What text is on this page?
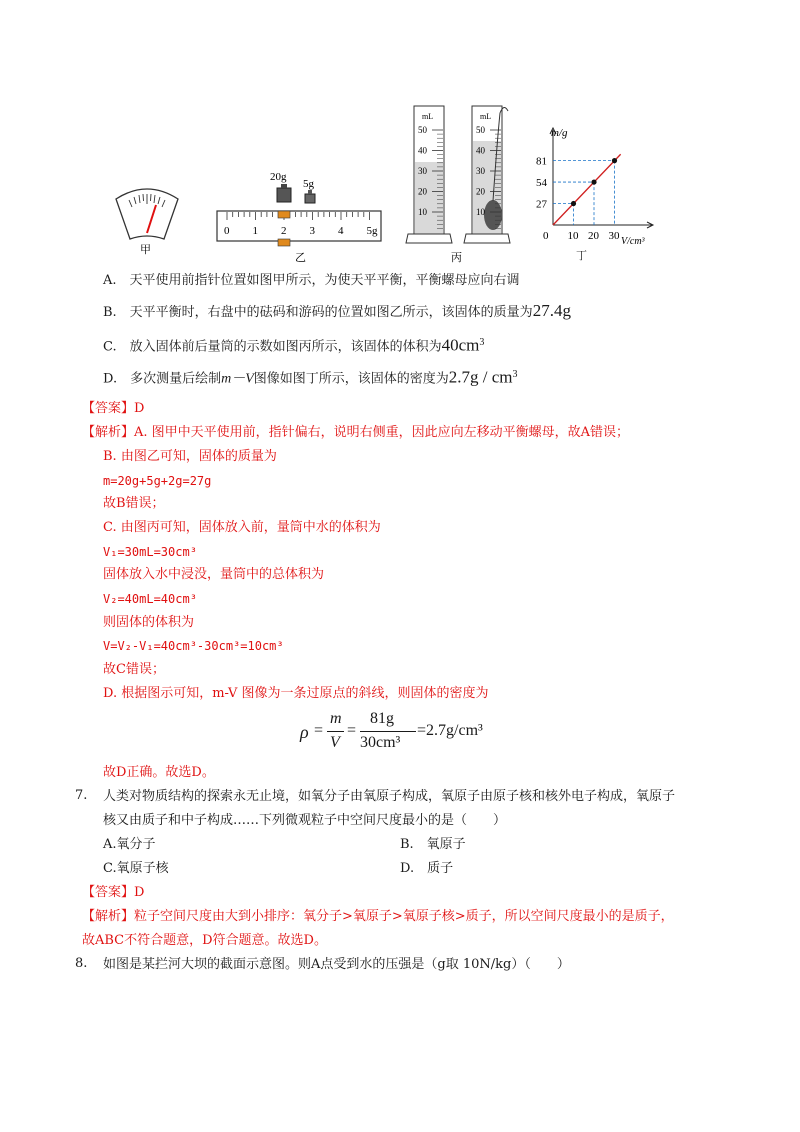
甲
20g
5g
0 1 2 3 4 5g
乙
mL
50
40
30
20
10
mL
50
40
30
20
10
丙
81
54
27
0 10 20 30
m/g
V/cm³
丁
A.　天平使用前指针位置如图甲所示，为使天平平衡，平衡螺母应向右调
B.　天平平衡时，右盘中的砝码和游码的位置如图乙所示，该固体的质量为27.4g
C.　放入固体前后量筒的示数如图丙所示，该固体的体积为$40cm^3$
D.　多次测量后绘制m－V图像如图丁所示，该固体的密度为$2.7g / cm^3$
【答案】D
【解析】A. 图甲中天平使用前，指针偏右，说明右侧重，因此应向左移动平衡螺母，故A错误；
B. 由图乙可知，固体的质量为
m=20g+5g+2g=27g
故B错误；
C. 由图丙可知，固体放入前，量筒中水的体积为
V₁=30mL=30cm³
固体放入水中浸没，量筒中的总体积为
V₂=40mL=40cm³
则固体的体积为
V=V₂-V₁=40cm³-30cm³=10cm³
故C错误；
D. 根据图示可知，m-V 图像为一条过原点的斜线，则固体的密度为
ρ =
m
V
=
81g
30cm³
=2.7g/cm³
故D正确。故选D。
7. 人类对物质结构的探索永无止境，如氧分子由氧原子构成，氧原子由原子核和核外电子构成，氧原子
核又由质子和中子构成……下列微观粒子中空间尺度最小的是（　　）
A.氧分子	B.　氧原子
C.氧原子核	D.　质子
【答案】D
【解析】粒子空间尺度由大到小排序：氧分子>氧原子>氧原子核>质子，所以空间尺度最小的是质子，
故ABC不符合题意，D符合题意。故选D。
8. 如图是某拦河大坝的截面示意图。则A点受到水的压强是（g取 10N/kg）（　　）
